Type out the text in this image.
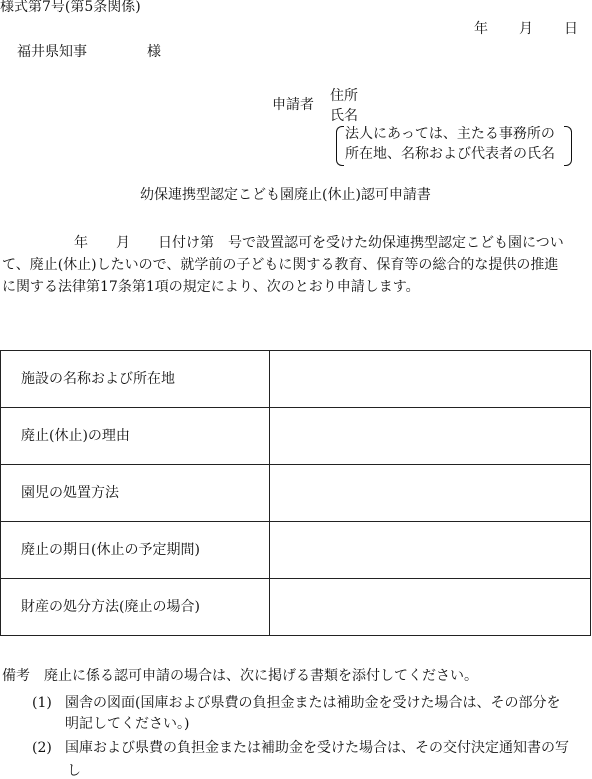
様式第7号(第5条関係)
年 月 日
福井県知事	様
申請者
住所
氏名
法人にあっては、主たる事務所の
所在地、名称および代表者の氏名
幼保連携型認定こども園廃止(休止)認可申請書
年　　月　　日付け第　号で設置認可を受けた幼保連携型認定こども園につい
て、廃止(休止)したいので、就学前の子どもに関する教育、保育等の総合的な提供の推進
に関する法律第17条第1項の規定により、次のとおり申請します。
施設の名称および所在地	
廃止(休止)の理由	
園児の処置方法	
廃止の期日(休止の予定期間)	
財産の処分方法(廃止の場合)	
備考 廃止に係る認可申請の場合は、次に掲げる書類を添付してください。
(1) 園舎の図面(国庫および県費の負担金または補助金を受けた場合は、その部分を
明記してください。)
(2) 国庫および県費の負担金または補助金を受けた場合は、その交付決定通知書の写
し
